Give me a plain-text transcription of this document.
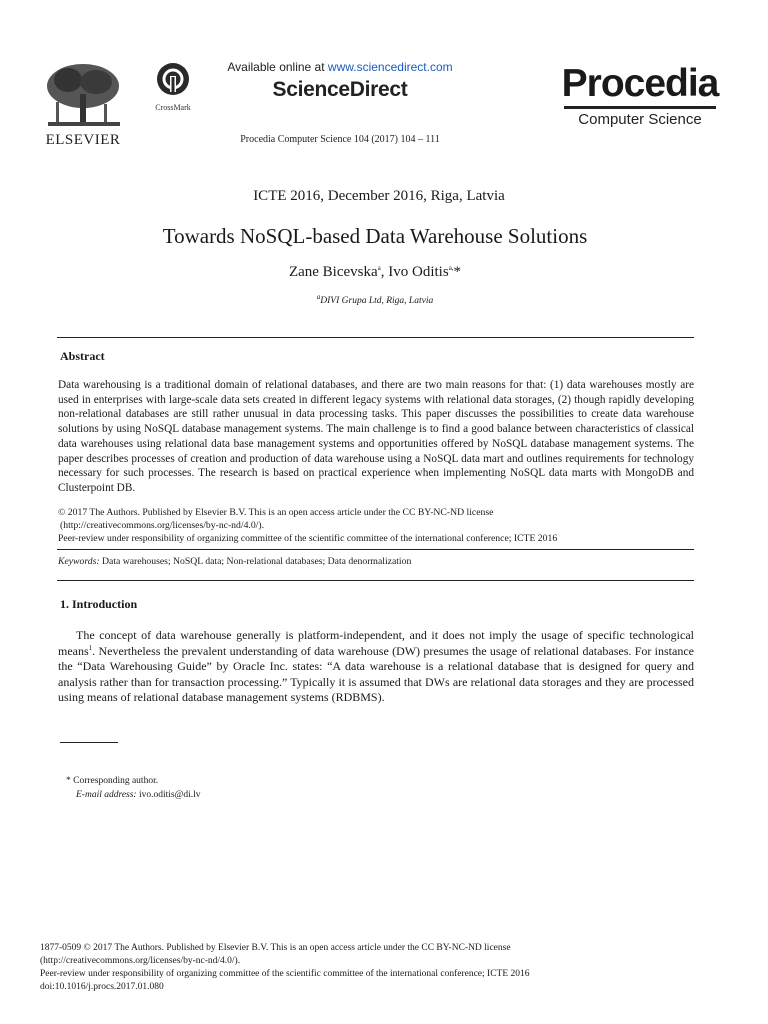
ELSEVIER
CrossMark
Available online at www.sciencedirect.com
ScienceDirect
Procedia Computer Science 104 (2017) 104 – 111
Procedia
Computer Science
ICTE 2016, December 2016, Riga, Latvia
Towards NoSQL-based Data Warehouse Solutions
Zane Bicevska$^a$, Ivo Oditis$^{a,}$*
$^a$DIVI Grupa Ltd, Riga, Latvia
Abstract

Data warehousing is a traditional domain of relational databases, and there are two main reasons for that: (1) data warehouses mostly are used in enterprises with large-scale data sets created in different legacy systems with relational data storages, (2) though rapidly developing non-relational databases are still rather unusual in data processing tasks. This paper discusses the possibilities to create data warehouse solutions by using NoSQL database management systems. The main challenge is to find a good balance between characteristics of classical data warehouses using relational data base management systems and opportunities offered by NoSQL database management systems. The paper describes processes of creation and production of data warehouse using a NoSQL data mart and outlines requirements for technology necessary for such processes. The research is based on practical experience when implementing NoSQL data marts with MongoDB and Clusterpoint DB.

© 2017 The Authors. Published by Elsevier B.V. This is an open access article under the CC BY-NC-ND license
(http://creativecommons.org/licenses/by-nc-nd/4.0/).
Peer-review under responsibility of organizing committee of the scientific committee of the international conference; ICTE 2016
Keywords: Data warehouses; NoSQL data; Non-relational databases; Data denormalization
1. Introduction

The concept of data warehouse generally is platform-independent, and it does not imply the usage of specific technological means$^1$. Nevertheless the prevalent understanding of data warehouse (DW) presumes the usage of relational databases. For instance the “Data Warehousing Guide” by Oracle Inc. states: “A data warehouse is a relational database that is designed for query and analysis rather than for transaction processing.” Typically it is assumed that DWs are relational data storages and they are processed using means of relational database management systems (RDBMS).

* Corresponding author.
E-mail address: ivo.oditis@di.lv
1877-0509 © 2017 The Authors. Published by Elsevier B.V. This is an open access article under the CC BY-NC-ND license
(http://creativecommons.org/licenses/by-nc-nd/4.0/).
Peer-review under responsibility of organizing committee of the scientific committee of the international conference; ICTE 2016
doi:10.1016/j.procs.2017.01.080
